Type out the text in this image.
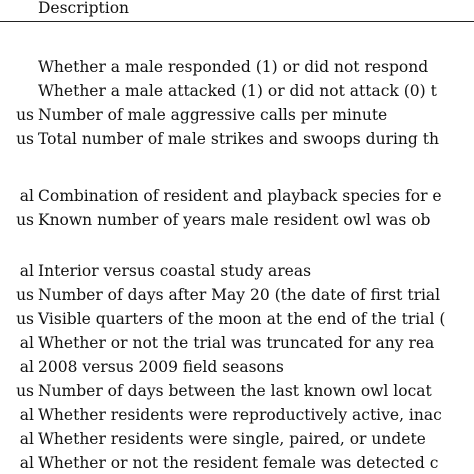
Description
Whether a male responded (1) or did not respond
Whether a male attacked (1) or did not attack (0) t
us Number of male aggressive calls per minute
us Total number of male strikes and swoops during th
al Combination of resident and playback species for e
us Known number of years male resident owl was ob
al Interior versus coastal study areas
us Number of days after May 20 (the date of first trial
us Visible quarters of the moon at the end of the trial (
al Whether or not the trial was truncated for any rea
al 2008 versus 2009 field seasons
us Number of days between the last known owl locat
al Whether residents were reproductively active, inac
al Whether residents were single, paired, or undete
al Whether or not the resident female was detected c
